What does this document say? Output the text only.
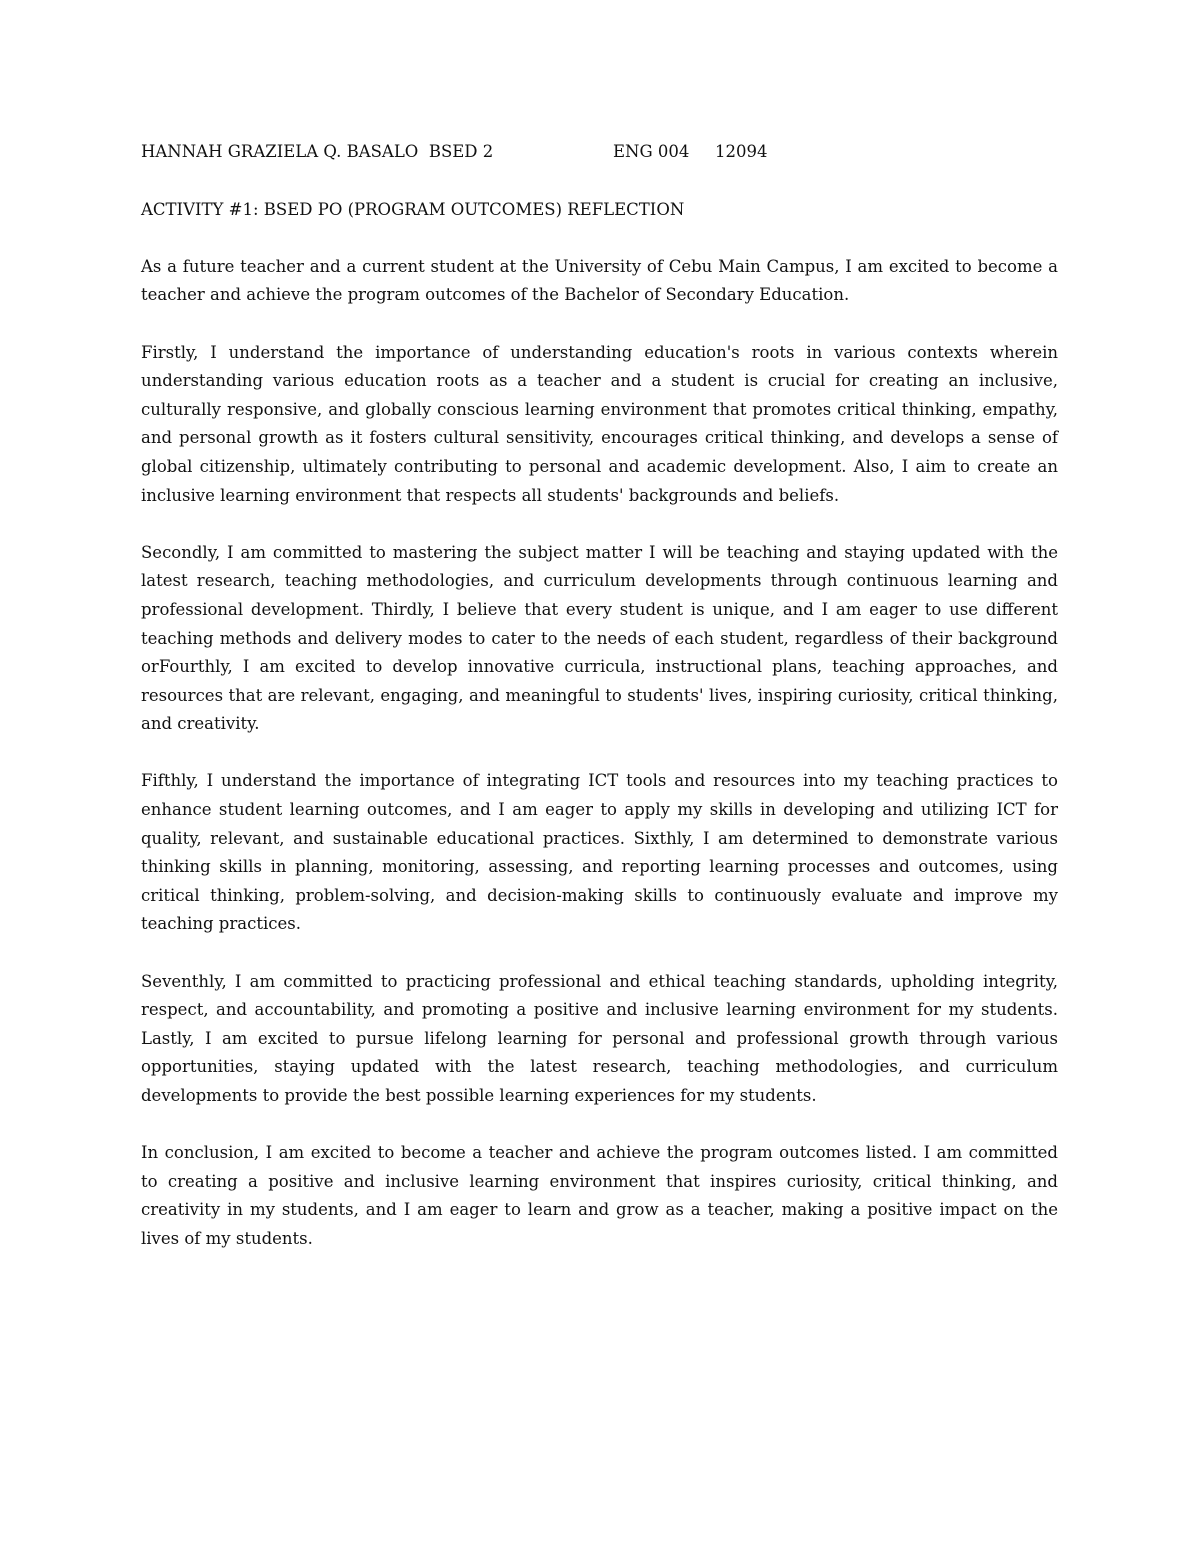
HANNAH GRAZIELA Q. BASALO  BSED 2	ENG 004 12094
ACTIVITY #1: BSED PO (PROGRAM OUTCOMES) REFLECTION

As a future teacher and a current student at the University of Cebu Main Campus, I am excited to become a teacher and achieve the program outcomes of the Bachelor of Secondary Education.

Firstly, I understand the importance of understanding education's roots in various contexts wherein understanding various education roots as a teacher and a student is crucial for creating an inclusive, culturally responsive, and globally conscious learning environment that promotes critical thinking, empathy, and personal growth as it fosters cultural sensitivity, encourages critical thinking, and develops a sense of global citizenship, ultimately contributing to personal and academic development. Also, I aim to create an inclusive learning environment that respects all students' backgrounds and beliefs.

Secondly, I am committed to mastering the subject matter I will be teaching and staying updated with the latest research, teaching methodologies, and curriculum developments through continuous learning and professional development. Thirdly, I believe that every student is unique, and I am eager to use different teaching methods and delivery modes to cater to the needs of each student, regardless of their background orFourthly, I am excited to develop innovative curricula, instructional plans, teaching approaches, and resources that are relevant, engaging, and meaningful to students' lives, inspiring curiosity, critical thinking, and creativity.

Fifthly, I understand the importance of integrating ICT tools and resources into my teaching practices to enhance student learning outcomes, and I am eager to apply my skills in developing and utilizing ICT for quality, relevant, and sustainable educational practices. Sixthly, I am determined to demonstrate various thinking skills in planning, monitoring, assessing, and reporting learning processes and outcomes, using critical thinking, problem-solving, and decision-making skills to continuously evaluate and improve my teaching practices.

Seventhly, I am committed to practicing professional and ethical teaching standards, upholding integrity, respect, and accountability, and promoting a positive and inclusive learning environment for my students. Lastly, I am excited to pursue lifelong learning for personal and professional growth through various opportunities, staying updated with the latest research, teaching methodologies, and curriculum developments to provide the best possible learning experiences for my students.

In conclusion, I am excited to become a teacher and achieve the program outcomes listed. I am committed to creating a positive and inclusive learning environment that inspires curiosity, critical thinking, and creativity in my students, and I am eager to learn and grow as a teacher, making a positive impact on the lives of my students.
